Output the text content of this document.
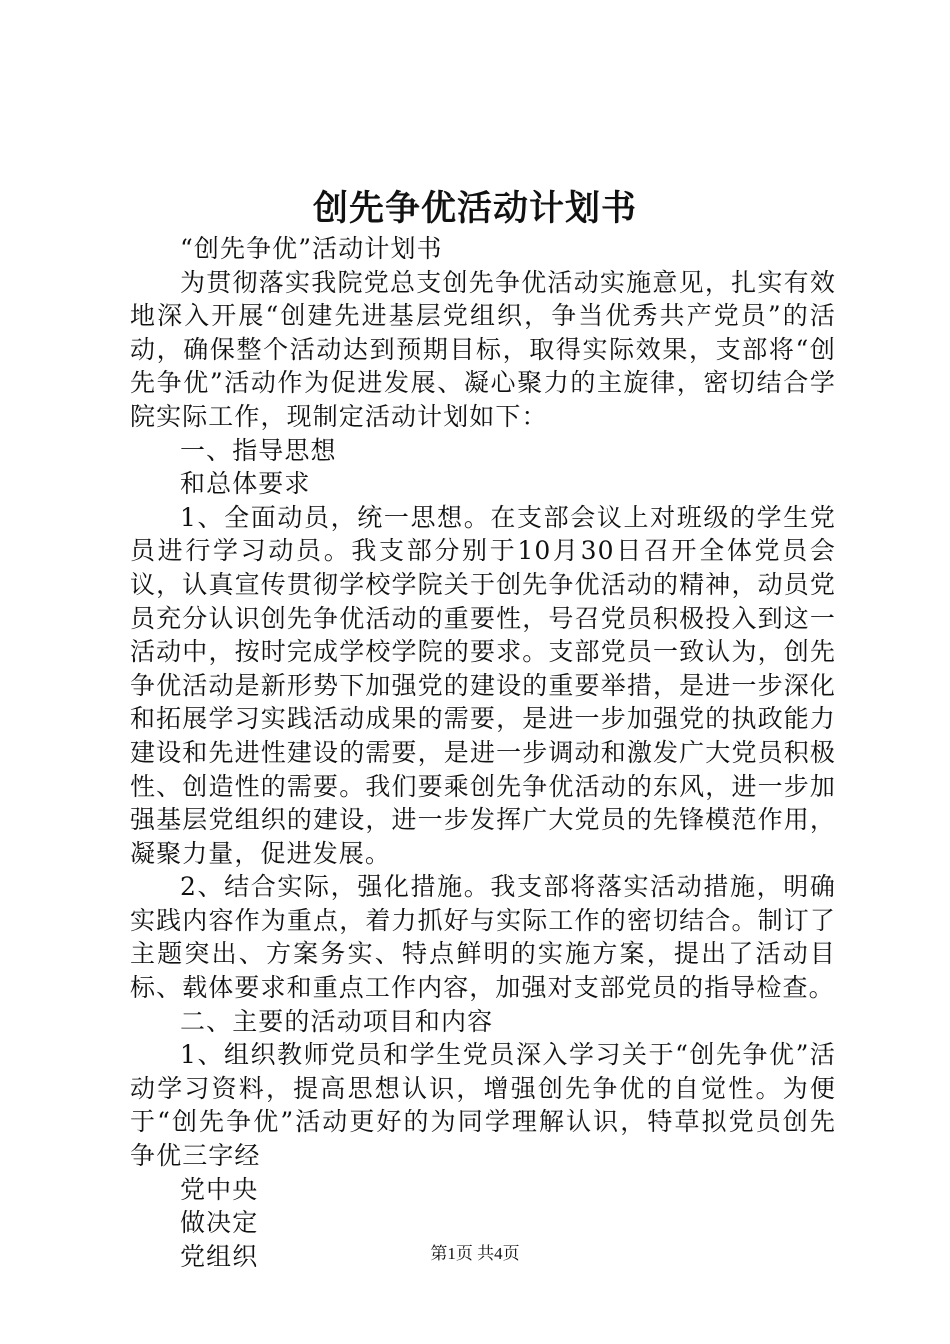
创先争优活动计划书

“创先争优”活动计划书

为贯彻落实我院党总支创先争优活动实施意见，扎实有效地深入开展“创建先进基层党组织，争当优秀共产党员”的活动，确保整个活动达到预期目标，取得实际效果，支部将“创先争优”活动作为促进发展、凝心聚力的主旋律，密切结合学院实际工作，现制定活动计划如下：

一、指导思想

和总体要求

1、全面动员，统一思想。在支部会议上对班级的学生党员进行学习动员。我支部分别于10月30日召开全体党员会议，认真宣传贯彻学校学院关于创先争优活动的精神，动员党员充分认识创先争优活动的重要性，号召党员积极投入到这一活动中，按时完成学校学院的要求。支部党员一致认为，创先争优活动是新形势下加强党的建设的重要举措，是进一步深化和拓展学习实践活动成果的需要，是进一步加强党的执政能力建设和先进性建设的需要，是进一步调动和激发广大党员积极性、创造性的需要。我们要乘创先争优活动的东风，进一步加强基层党组织的建设，进一步发挥广大党员的先锋模范作用，凝聚力量，促进发展。

2、结合实际，强化措施。我支部将落实活动措施，明确实践内容作为重点，着力抓好与实际工作的密切结合。制订了主题突出、方案务实、特点鲜明的实施方案，提出了活动目标、载体要求和重点工作内容，加强对支部党员的指导检查。

二、主要的活动项目和内容

1、组织教师党员和学生党员深入学习关于“创先争优”活动学习资料，提高思想认识，增强创先争优的自觉性。为便于“创先争优”活动更好的为同学理解认识，特草拟党员创先争优三字经

党中央

做决定

党组织	第1页 共4页
